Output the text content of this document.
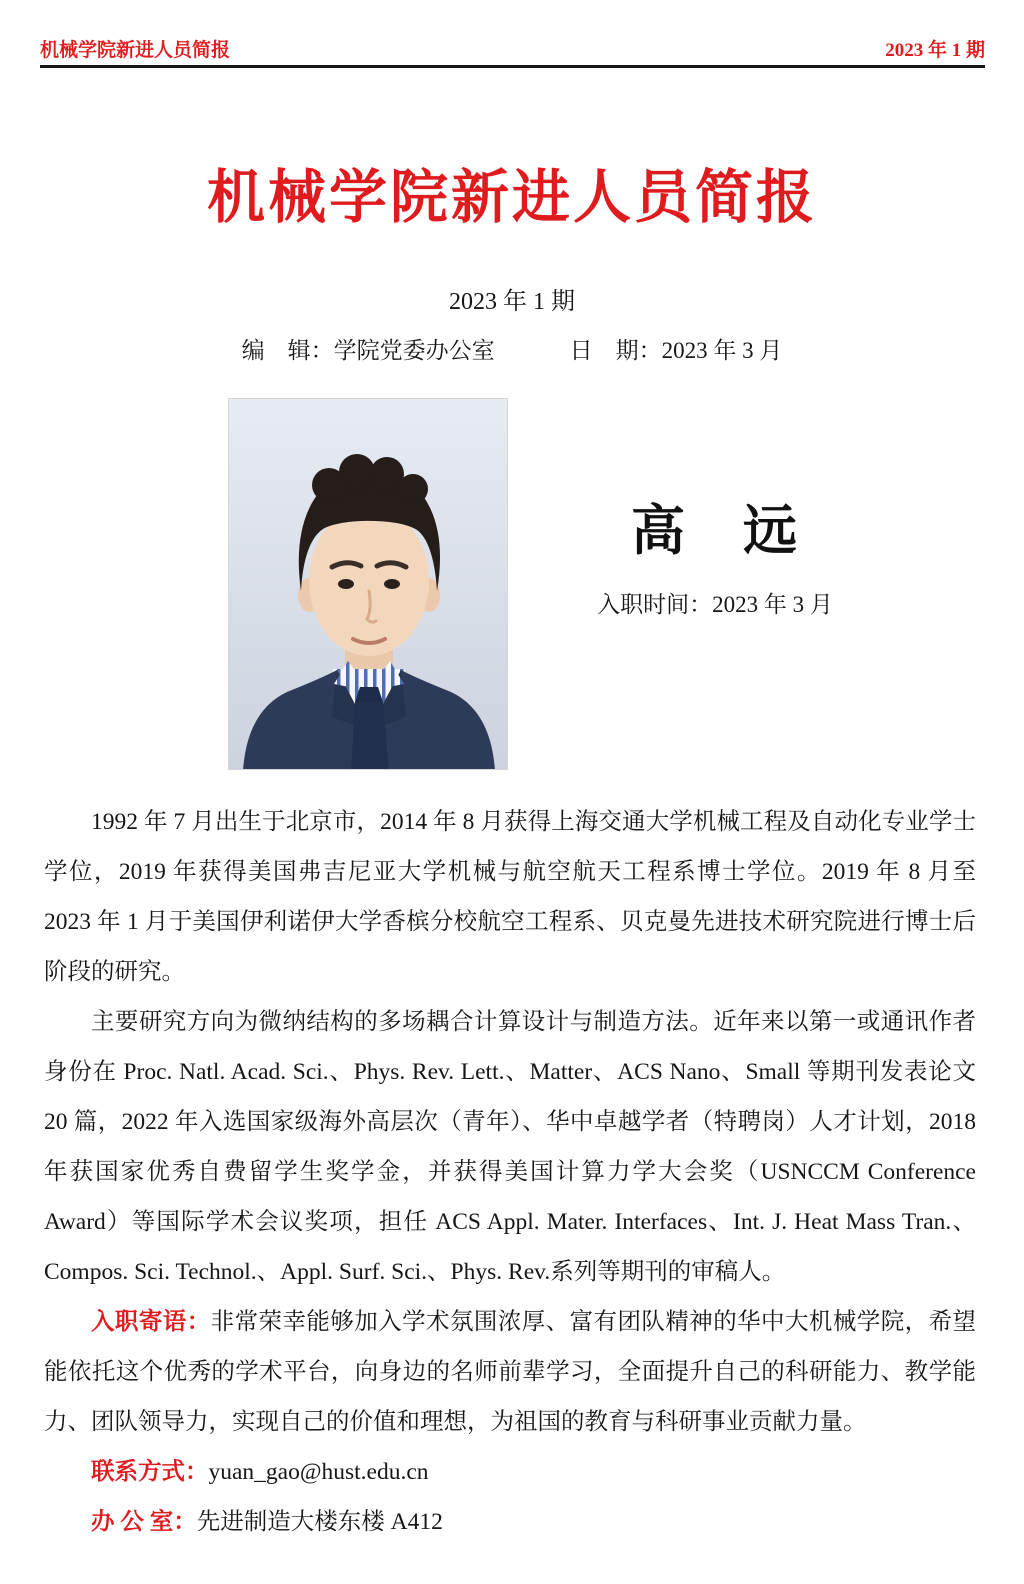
机械学院新进人员简报	2023 年 1 期
机械学院新进人员简报
2023 年 1 期
编　辑：学院党委办公室	日　期：2023 年 3 月
高　远
入职时间：2023 年 3 月

1992 年 7 月出生于北京市，2014 年 8 月获得上海交通大学机械工程及自动化专业学士学位，2019 年获得美国弗吉尼亚大学机械与航空航天工程系博士学位。2019 年 8 月至 2023 年 1 月于美国伊利诺伊大学香槟分校航空工程系、贝克曼先进技术研究院进行博士后阶段的研究。

主要研究方向为微纳结构的多场耦合计算设计与制造方法。近年来以第一或通讯作者身份在 Proc. Natl. Acad. Sci.、Phys. Rev. Lett.、Matter、ACS Nano、Small 等期刊发表论文 20 篇，2022 年入选国家级海外高层次（青年）、华中卓越学者（特聘岗）人才计划，2018 年获国家优秀自费留学生奖学金，并获得美国计算力学大会奖（USNCCM Conference Award）等国际学术会议奖项，担任 ACS Appl. Mater. Interfaces、Int. J. Heat Mass Tran.、Compos. Sci. Technol.、Appl. Surf. Sci.、Phys. Rev.系列等期刊的审稿人。

入职寄语：非常荣幸能够加入学术氛围浓厚、富有团队精神的华中大机械学院，希望能依托这个优秀的学术平台，向身边的名师前辈学习，全面提升自己的科研能力、教学能力、团队领导力，实现自己的价值和理想，为祖国的教育与科研事业贡献力量。

联系方式：yuan_gao@hust.edu.cn

办 公 室：先进制造大楼东楼 A412
